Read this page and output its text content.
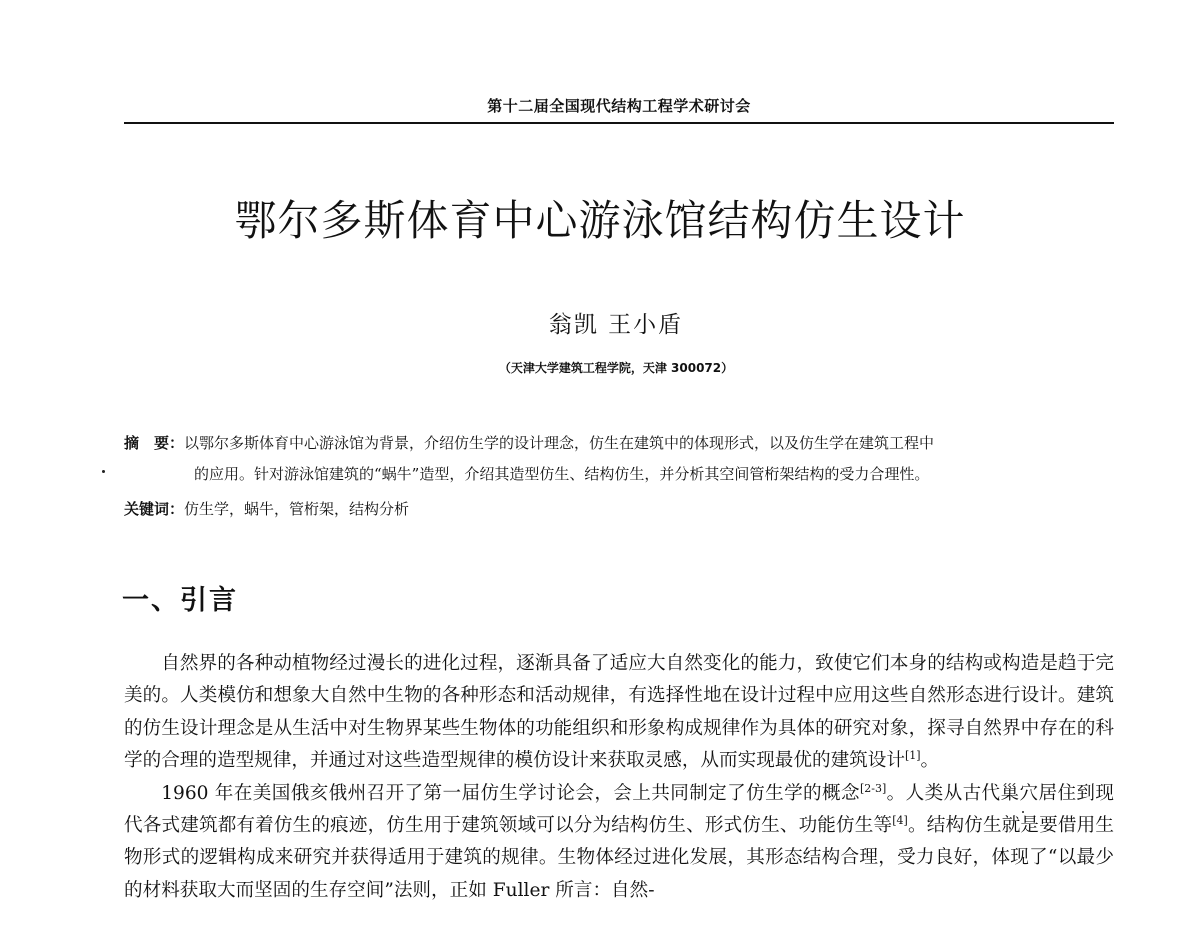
第十二届全国现代结构工程学术研讨会
鄂尔多斯体育中心游泳馆结构仿生设计
翁凯 王小盾
（天津大学建筑工程学院，天津 300072）
摘　要：以鄂尔多斯体育中心游泳馆为背景，介绍仿生学的设计理念，仿生在建筑中的体现形式，以及仿生学在建筑工程中
的应用。针对游泳馆建筑的“蜗牛”造型，介绍其造型仿生、结构仿生，并分析其空间管桁架结构的受力合理性。
关键词：仿生学，蜗牛，管桁架，结构分析
一、引言

自然界的各种动植物经过漫长的进化过程，逐渐具备了适应大自然变化的能力，致使它们本身的结构或构造是趋于完美的。人类模仿和想象大自然中生物的各种形态和活动规律，有选择性地在设计过程中应用这些自然形态进行设计。建筑的仿生设计理念是从生活中对生物界某些生物体的功能组织和形象构成规律作为具体的研究对象，探寻自然界中存在的科学的合理的造型规律，并通过对这些造型规律的模仿设计来获取灵感，从而实现最优的建筑设计[1]。

1960 年在美国俄亥俄州召开了第一届仿生学讨论会，会上共同制定了仿生学的概念[2-3]。人类从古代巢穴居住到现代各式建筑都有着仿生的痕迹，仿生用于建筑领域可以分为结构仿生、形式仿生、功能仿生等[4]。结构仿生就是要借用生物形式的逻辑构成来研究并获得适用于建筑的规律。生物体经过进化发展，其形态结构合理，受力良好，体现了“以最少的材料获取大而坚固的生存空间”法则，正如 Fuller 所言：自然-
